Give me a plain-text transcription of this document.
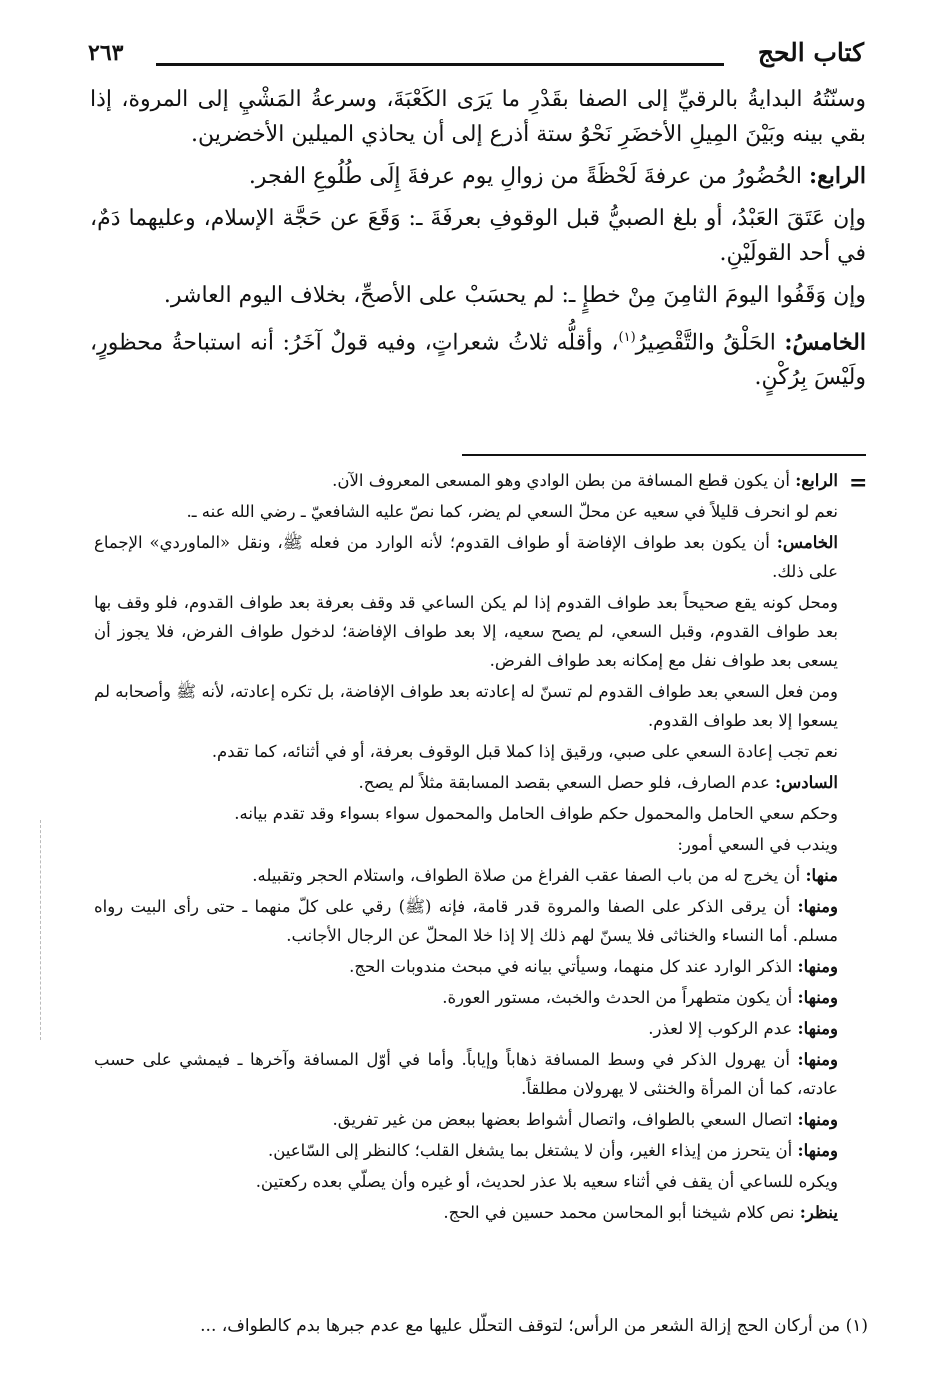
كتاب الحج
٢٦٣

وسنّتُهُ البدايةُ بالرقيِّ إلى الصفا بقَدْرِ ما يَرَى الكَعْبَةَ، وسرعةُ المَشْيِ إلى المروة، إذا بقي بينه وبَيْنَ المِيلِ الأخضَرِ نَحْوُ ستة أذرع إلى أن يحاذي الميلين الأخضرين.

الرابع: الحُضُورُ من عرفةَ لَحْظَةً من زوالِ يوم عرفةَ إِلَى طُلُوعِ الفجر.

وإن عَتَقَ العَبْدُ، أو بلغ الصبيُّ قبل الوقوفِ بعرفَةَ ـ: وَقَعَ عن حَجَّة الإسلام، وعليهما دَمٌ، في أحد القولَيْنِ.

وإن وَقَفُوا اليومَ الثامِنَ مِنْ خطإٍ ـ: لم يحسَبْ على الأصحِّ، بخلاف اليوم العاشر.

الخامسُ: الحَلْقُ والتَّقْصِيرُ$^{(١)}$، وأقلُّه ثلاثُ شعراتٍ، وفيه قولٌ آخَرُ: أنه استباحةُ محظورٍ، ولَيْسَ بِرُكْنٍ.

=

الرابع: أن يكون قطع المسافة من بطن الوادي وهو المسعى المعروف الآن.

نعم لو انحرف قليلاً في سعيه عن محلّ السعي لم يضر، كما نصّ عليه الشافعيّ ـ رضي الله عنه ـ.

الخامس: أن يكون بعد طواف الإفاضة أو طواف القدوم؛ لأنه الوارد من فعله ﷺ، ونقل «الماوردي» الإجماع على ذلك.

ومحل كونه يقع صحيحاً بعد طواف القدوم إذا لم يكن الساعي قد وقف بعرفة بعد طواف القدوم، فلو وقف بها بعد طواف القدوم، وقبل السعي، لم يصح سعيه، إلا بعد طواف الإفاضة؛ لدخول طواف الفرض، فلا يجوز أن يسعى بعد طواف نفل مع إمكانه بعد طواف الفرض.

ومن فعل السعي بعد طواف القدوم لم تسنّ له إعادته بعد طواف الإفاضة، بل تكره إعادته، لأنه ﷺ وأصحابه لم يسعوا إلا بعد طواف القدوم.

نعم تجب إعادة السعي على صبي، ورقيق إذا كملا قبل الوقوف بعرفة، أو في أثنائه، كما تقدم.

السادس: عدم الصارف، فلو حصل السعي بقصد المسابقة مثلاً لم يصح.

وحكم سعي الحامل والمحمول حكم طواف الحامل والمحمول سواء بسواء وقد تقدم بيانه.

ويندب في السعي أمور:

منها: أن يخرج له من باب الصفا عقب الفراغ من صلاة الطواف، واستلام الحجر وتقبيله.

ومنها: أن يرقى الذكر على الصفا والمروة قدر قامة، فإنه (ﷺ) رقي على كلّ منهما ـ حتى رأى البيت رواه مسلم. أما النساء والخناثى فلا يسنّ لهم ذلك إلا إذا خلا المحلّ عن الرجال الأجانب.

ومنها: الذكر الوارد عند كل منهما، وسيأتي بيانه في مبحث مندوبات الحج.

ومنها: أن يكون متطهراً من الحدث والخبث، مستور العورة.

ومنها: عدم الركوب إلا لعذر.

ومنها: أن يهرول الذكر في وسط المسافة ذهاباً وإياباً. وأما في أوّل المسافة وآخرها ـ فيمشي على حسب عادته، كما أن المرأة والخنثى لا يهرولان مطلقاً.

ومنها: اتصال السعي بالطواف، واتصال أشواط بعضها ببعض من غير تفريق.

ومنها: أن يتحرز من إيذاء الغير، وأن لا يشتغل بما يشغل القلب؛ كالنظر إلى السّاعين.

ويكره للساعي أن يقف في أثناء سعيه بلا عذر لحديث، أو غيره وأن يصلّي بعده ركعتين.

ينظر: نص كلام شيخنا أبو المحاسن محمد حسين في الحج.

(١) من أركان الحج إزالة الشعر من الرأس؛ لتوقف التحلّل عليها مع عدم جبرها بدم كالطواف، ...
